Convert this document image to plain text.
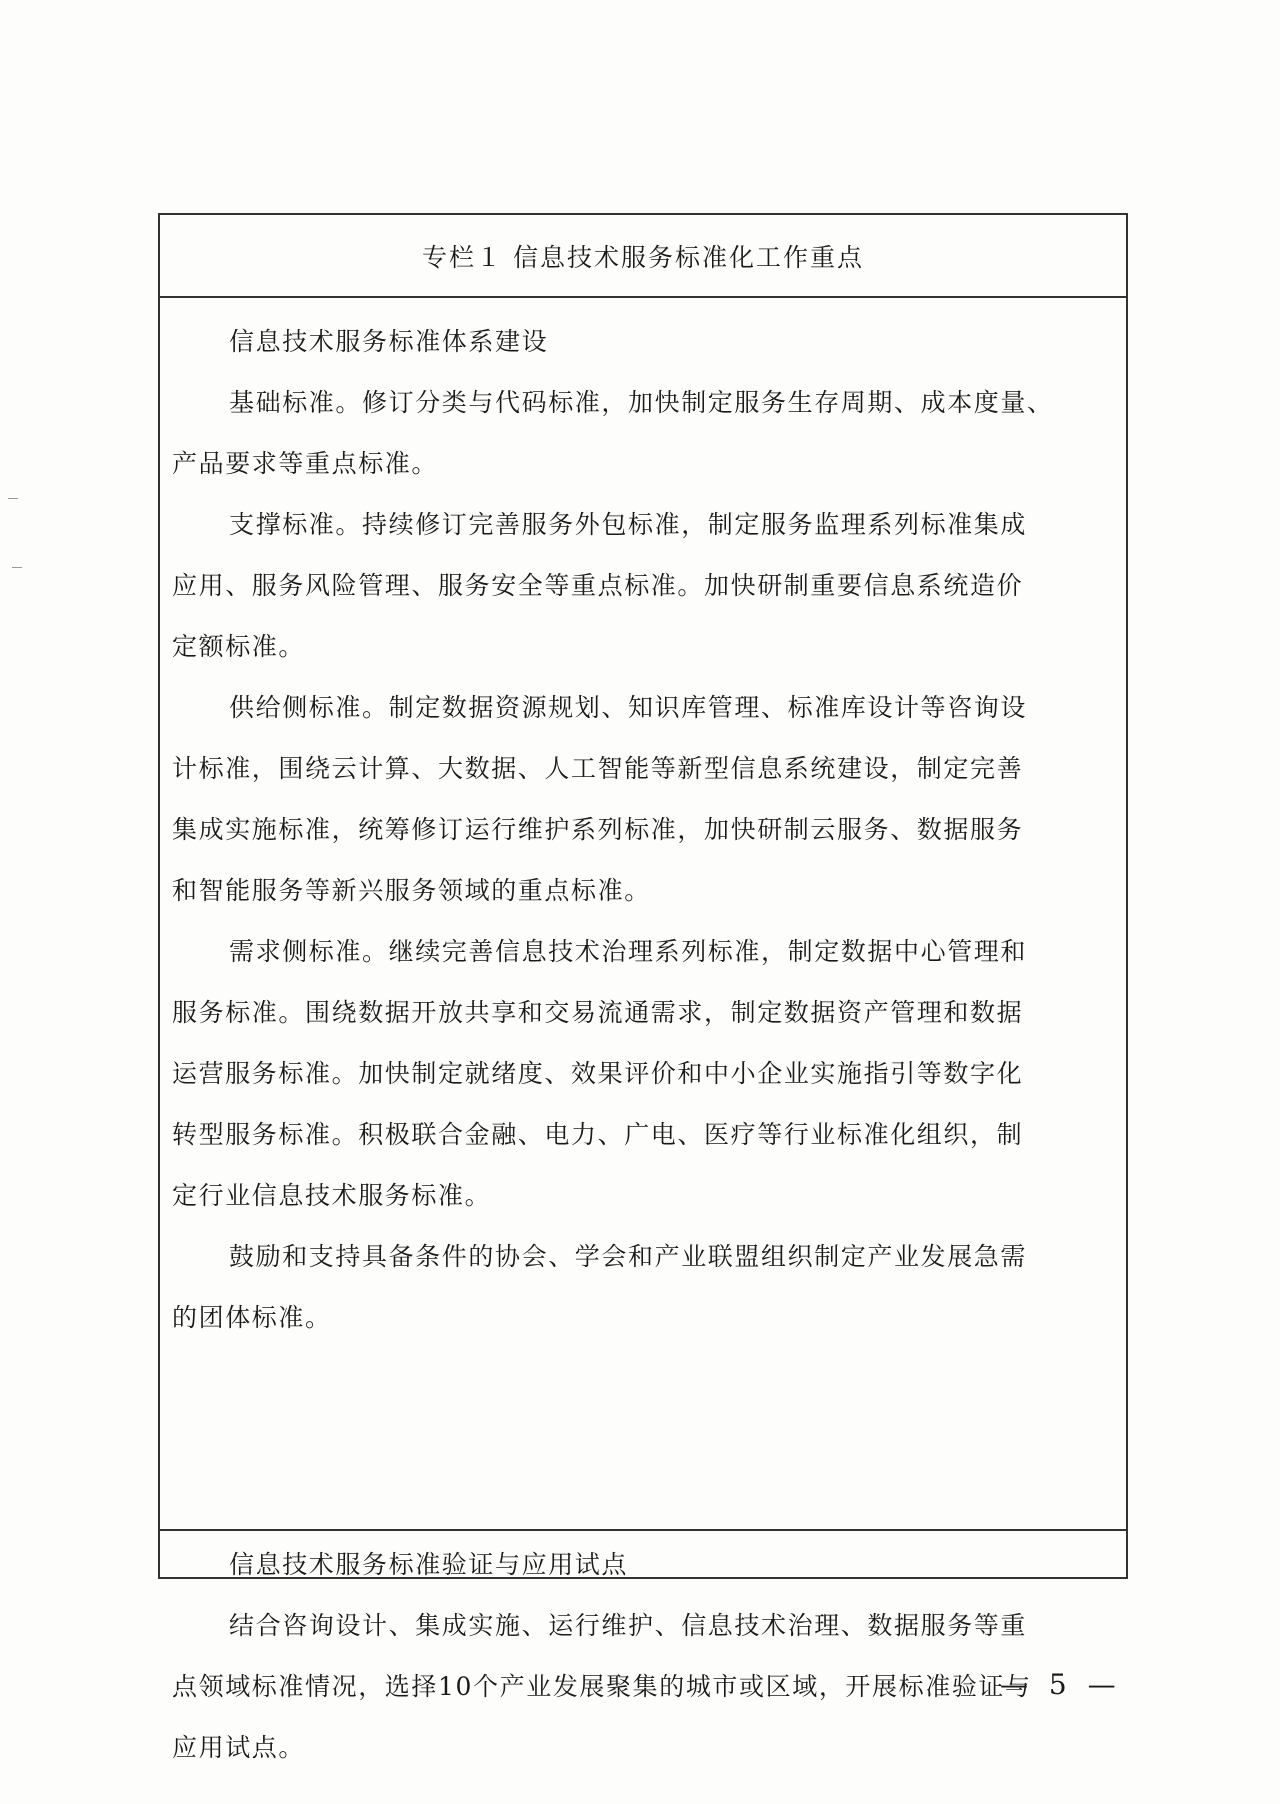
专栏１ 信息技术服务标准化工作重点
信息技术服务标准体系建设
基础标准。修订分类与代码标准，加快制定服务生存周期、成本度量、
产品要求等重点标准。
支撑标准。持续修订完善服务外包标准，制定服务监理系列标准集成
应用、服务风险管理、服务安全等重点标准。加快研制重要信息系统造价
定额标准。
供给侧标准。制定数据资源规划、知识库管理、标准库设计等咨询设
计标准，围绕云计算、大数据、人工智能等新型信息系统建设，制定完善
集成实施标准，统筹修订运行维护系列标准，加快研制云服务、数据服务
和智能服务等新兴服务领域的重点标准。
需求侧标准。继续完善信息技术治理系列标准，制定数据中心管理和
服务标准。围绕数据开放共享和交易流通需求，制定数据资产管理和数据
运营服务标准。加快制定就绪度、效果评价和中小企业实施指引等数字化
转型服务标准。积极联合金融、电力、广电、医疗等行业标准化组织，制
定行业信息技术服务标准。
鼓励和支持具备条件的协会、学会和产业联盟组织制定产业发展急需
的团体标准。
信息技术服务标准验证与应用试点
结合咨询设计、集成实施、运行维护、信息技术治理、数据服务等重
点领域标准情况，选择10个产业发展聚集的城市或区域，开展标准验证与
应用试点。
— 5 —
